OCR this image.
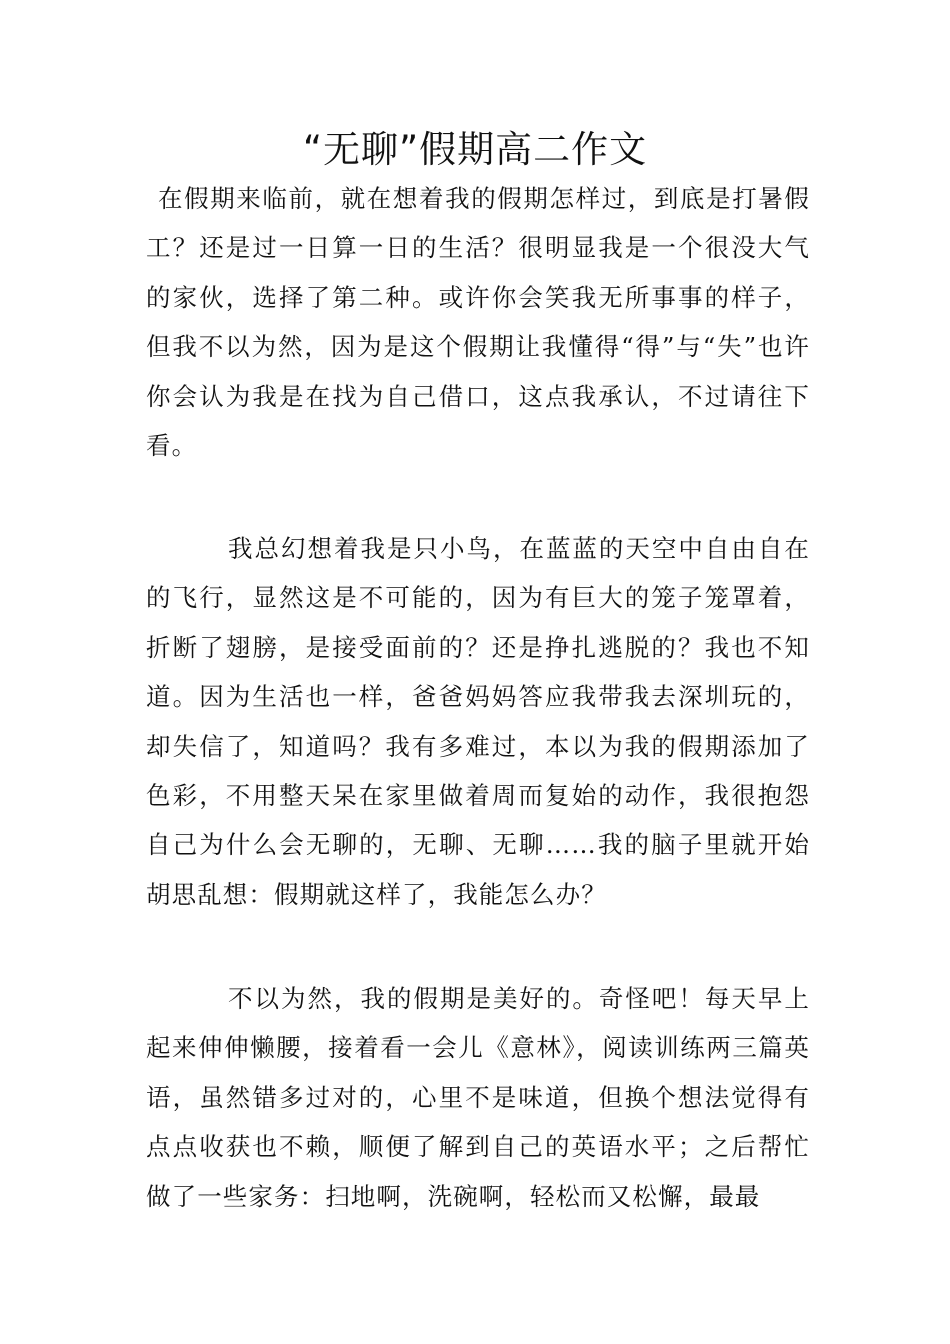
“无聊”假期高二作文

在假期来临前，就在想着我的假期怎样过，到底是打暑假工？还是过一日算一日的生活？很明显我是一个很没大气的家伙，选择了第二种。或许你会笑我无所事事的样子，但我不以为然，因为是这个假期让我懂得“得”与“失”也许你会认为我是在找为自己借口，这点我承认，不过请往下看。

我总幻想着我是只小鸟，在蓝蓝的天空中自由自在的飞行，显然这是不可能的，因为有巨大的笼子笼罩着，折断了翅膀，是接受面前的？还是挣扎逃脱的？我也不知道。因为生活也一样，爸爸妈妈答应我带我去深圳玩的，却失信了，知道吗？我有多难过，本以为我的假期添加了色彩，不用整天呆在家里做着周而复始的动作，我很抱怨自己为什么会无聊的，无聊、无聊……我的脑子里就开始胡思乱想：假期就这样了，我能怎么办？

不以为然，我的假期是美好的。奇怪吧！每天早上起来伸伸懒腰，接着看一会儿《意林》，阅读训练两三篇英语，虽然错多过对的，心里不是味道，但换个想法觉得有点点收获也不赖，顺便了解到自己的英语水平；之后帮忙做了一些家务：扫地啊，洗碗啊，轻松而又松懈，最最
